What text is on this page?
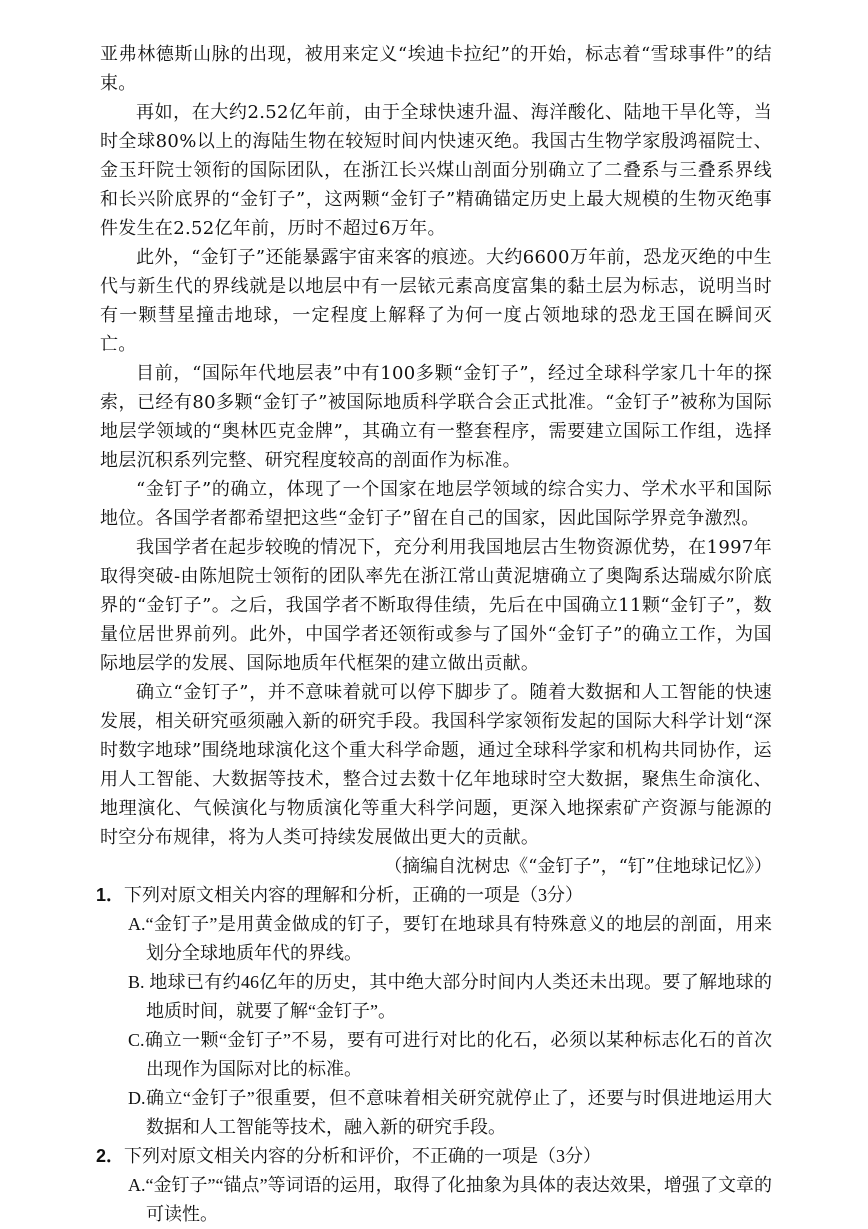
亚弗林德斯山脉的出现，被用来定义“埃迪卡拉纪”的开始，标志着“雪球事件”的结束。

再如，在大约2.52亿年前，由于全球快速升温、海洋酸化、陆地干旱化等，当时全球80%以上的海陆生物在较短时间内快速灭绝。我国古生物学家殷鸿福院士、金玉玕院士领衔的国际团队，在浙江长兴煤山剖面分别确立了二叠系与三叠系界线和长兴阶底界的“金钉子”，这两颗“金钉子”精确锚定历史上最大规模的生物灭绝事件发生在2.52亿年前，历时不超过6万年。

此外，“金钉子”还能暴露宇宙来客的痕迹。大约6600万年前，恐龙灭绝的中生代与新生代的界线就是以地层中有一层铱元素高度富集的黏土层为标志，说明当时有一颗彗星撞击地球，一定程度上解释了为何一度占领地球的恐龙王国在瞬间灭亡。

目前，“国际年代地层表”中有100多颗“金钉子”，经过全球科学家几十年的探索，已经有80多颗“金钉子”被国际地质科学联合会正式批准。“金钉子”被称为国际地层学领域的“奥林匹克金牌”，其确立有一整套程序，需要建立国际工作组，选择地层沉积系列完整、研究程度较高的剖面作为标准。

“金钉子”的确立，体现了一个国家在地层学领域的综合实力、学术水平和国际地位。各国学者都希望把这些“金钉子”留在自己的国家，因此国际学界竞争激烈。

我国学者在起步较晚的情况下，充分利用我国地层古生物资源优势，在1997年取得突破-由陈旭院士领衔的团队率先在浙江常山黄泥塘确立了奥陶系达瑞威尔阶底界的“金钉子”。之后，我国学者不断取得佳绩，先后在中国确立11颗“金钉子”，数量位居世界前列。此外，中国学者还领衔或参与了国外“金钉子”的确立工作，为国际地层学的发展、国际地质年代框架的建立做出贡献。

确立“金钉子”，并不意味着就可以停下脚步了。随着大数据和人工智能的快速发展，相关研究亟须融入新的研究手段。我国科学家领衔发起的国际大科学计划“深时数字地球”围绕地球演化这个重大科学命题，通过全球科学家和机构共同协作，运用人工智能、大数据等技术，整合过去数十亿年地球时空大数据，聚焦生命演化、地理演化、气候演化与物质演化等重大科学问题，更深入地探索矿产资源与能源的时空分布规律，将为人类可持续发展做出更大的贡献。

（摘编自沈树忠《“金钉子”，“钉”住地球记忆》）

1． 下列对原文相关内容的理解和分析，正确的一项是（3分）

A.“金钉子”是用黄金做成的钉子，要钉在地球具有特殊意义的地层的剖面，用来划分全球地质年代的界线。

B. 地球已有约46亿年的历史，其中绝大部分时间内人类还未出现。要了解地球的地质时间，就要了解“金钉子”。

C.确立一颗“金钉子”不易，要有可进行对比的化石，必须以某种标志化石的首次出现作为国际对比的标准。

D.确立“金钉子”很重要，但不意味着相关研究就停止了，还要与时俱进地运用大数据和人工智能等技术，融入新的研究手段。

2． 下列对原文相关内容的分析和评价，不正确的一项是（3分）

A.“金钉子”“锚点”等词语的运用，取得了化抽象为具体的表达效果，增强了文章的可读性。
